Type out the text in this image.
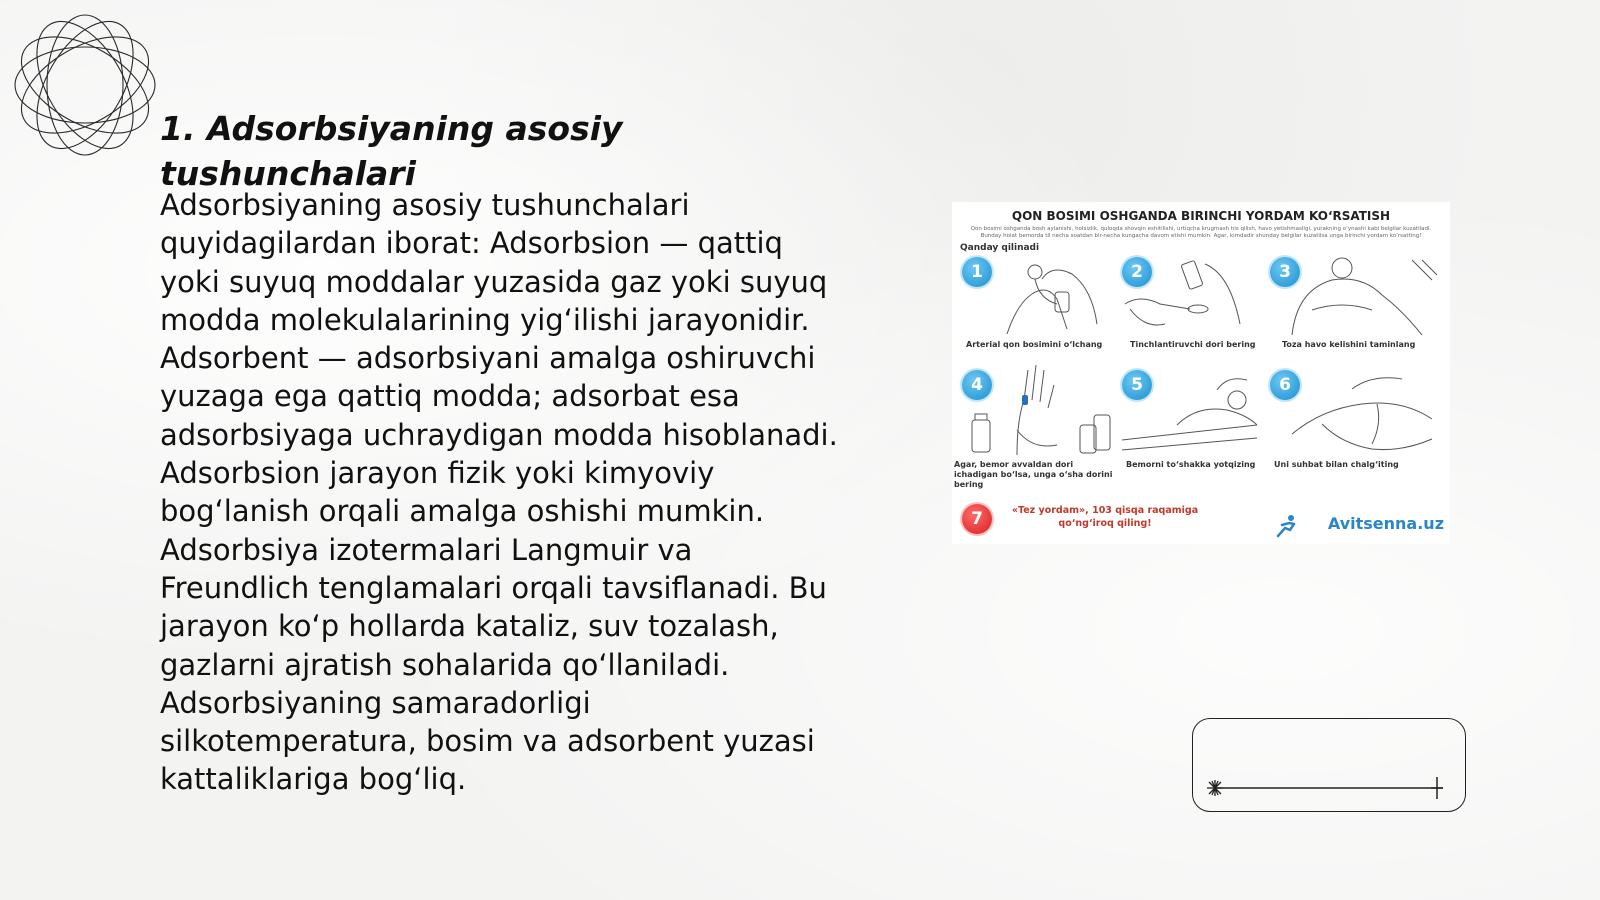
1. Adsorbsiyaning asosiy tushunchalari

Adsorbsiyaning asosiy tushunchalari quyidagilardan iborat: Adsorbsion — qattiq yoki suyuq moddalar yuzasida gaz yoki suyuq modda molekulalarining yig‘ilishi jarayonidir. Adsorbent — adsorbsiyani amalga oshiruvchi yuzaga ega qattiq modda; adsorbat esa adsorbsiyaga uchraydigan modda hisoblanadi. Adsorbsion jarayon fizik yoki kimyoviy bog‘lanish orqali amalga oshishi mumkin. Adsorbsiya izotermalari Langmuir va Freundlich tenglamalari orqali tavsiflanadi. Bu jarayon ko‘p hollarda kataliz, suv tozalash, gazlarni ajratish sohalarida qo‘llaniladi. Adsorbsiyaning samaradorligi silkotemperatura, bosim va adsorbent yuzasi kattaliklariga bog‘liq.

QON BOSIMI OSHGANDA BIRINCHI YORDAM KO‘RSATISH
Qon bosimi oshganda bosh aylanishi, holsizlik, quloqda shovqin eshitilishi, urtiqcha krugmash his qilish, havo yetishmasligi, yurakning o‘ynashi kabi belgilar kuzatiladi. Bunday holat bemorda til necha soatdan bir-necha kungacha davom etishi mumkin. Agar, kimdadir shunday belgilar kuzatilsa unga birinchi yordam ko‘rsatting!
Qanday qilinadi
1
Arterial qon bosimini o‘lchang
2
Tinchlantiruvchi dori bering
3
Toza havo kelishini taminlang
4
Agar, bemor avvaldan dori ichadigan bo‘lsa, unga o‘sha dorini bering
5
Bemorni to‘shakka yotqizing
6
Uni suhbat bilan chalg‘iting
7	«Tez yordam», 103 qisqa raqamiga qo‘ng‘iroq qiling!	Avitsenna.uz
